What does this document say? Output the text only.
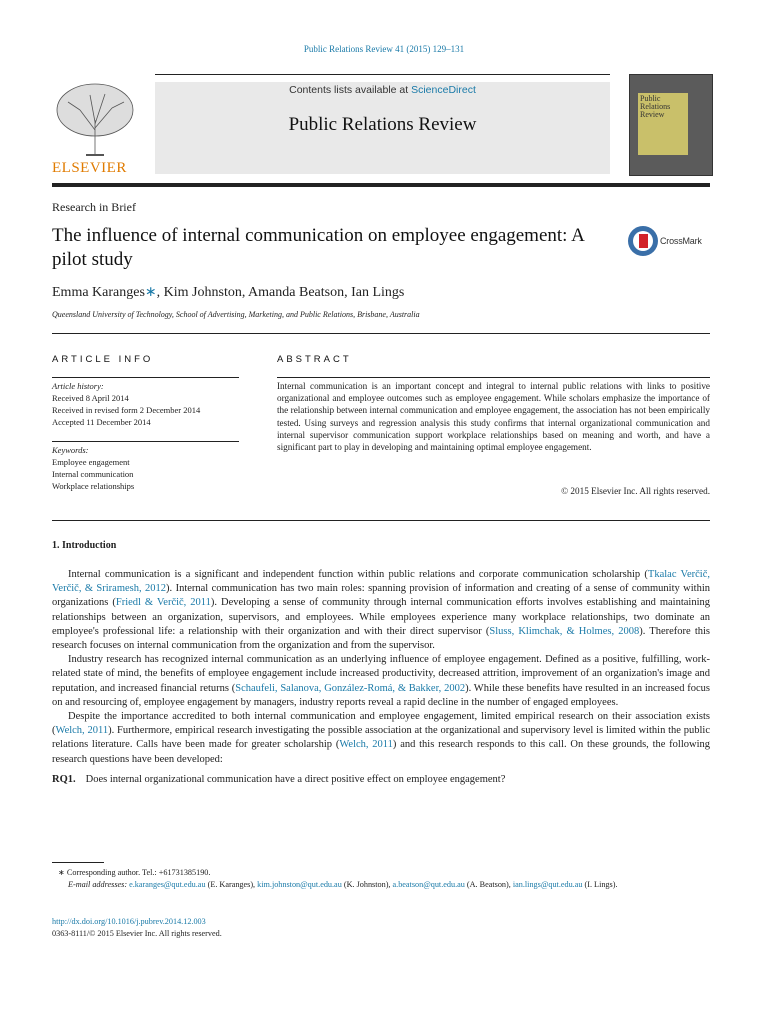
Public Relations Review 41 (2015) 129–131
ELSEVIER
Contents lists available at ScienceDirect
Public Relations Review
Public Relations Review
Research in Brief
The influence of internal communication on employee engagement: A pilot study
CrossMark
Emma Karanges∗, Kim Johnston, Amanda Beatson, Ian Lings
Queensland University of Technology, School of Advertising, Marketing, and Public Relations, Brisbane, Australia
ARTICLE INFO	ABSTRACT
Article history:
Received 8 April 2014
Received in revised form 2 December 2014
Accepted 11 December 2014
Keywords:
Employee engagement
Internal communication
Workplace relationships
Internal communication is an important concept and integral to internal public relations with links to positive organizational and employee outcomes such as employee engagement. While scholars emphasize the importance of the relationship between internal communication and employee engagement, the association has not been empirically tested. Using surveys and regression analysis this study confirms that internal organizational communication and internal supervisor communication support workplace relationships based on meaning and worth, and have a significant part to play in developing and maintaining optimal employee engagement.
© 2015 Elsevier Inc. All rights reserved.
1. Introduction

Internal communication is a significant and independent function within public relations and corporate communication scholarship (Tkalac Verčič, Verčič, & Sriramesh, 2012). Internal communication has two main roles: spanning provision of information and creating of a sense of community within organizations (Friedl & Verčič, 2011). Developing a sense of community through internal communication efforts involves establishing and maintaining relationships between an organization, supervisors, and employees. While employees experience many workplace relationships, two dominate an employee's professional life: a relationship with their organization and with their direct supervisor (Sluss, Klimchak, & Holmes, 2008). Therefore this research focuses on internal communication from the organization and from the supervisor.

Industry research has recognized internal communication as an underlying influence of employee engagement. Defined as a positive, fulfilling, work-related state of mind, the benefits of employee engagement include increased productivity, decreased attrition, improvement of an organization's image and reputation, and increased financial returns (Schaufeli, Salanova, González-Romá, & Bakker, 2002). While these benefits have resulted in an increased focus on and resourcing of, employee engagement by managers, industry reports reveal a rapid decline in the number of engaged employees.

Despite the importance accredited to both internal communication and employee engagement, limited empirical research on their association exists (Welch, 2011). Furthermore, empirical research investigating the possible association at the organizational and supervisory level is limited within the public relations literature. Calls have been made for greater scholarship (Welch, 2011) and this research responds to this call. On these grounds, the following research questions have been developed:

RQ1. Does internal organizational communication have a direct positive effect on employee engagement?

∗ Corresponding author. Tel.: +61731385190.
E-mail addresses: e.karanges@qut.edu.au (E. Karanges), kim.johnston@qut.edu.au (K. Johnston), a.beatson@qut.edu.au (A. Beatson), ian.lings@qut.edu.au (I. Lings).
http://dx.doi.org/10.1016/j.pubrev.2014.12.003
0363-8111/© 2015 Elsevier Inc. All rights reserved.
